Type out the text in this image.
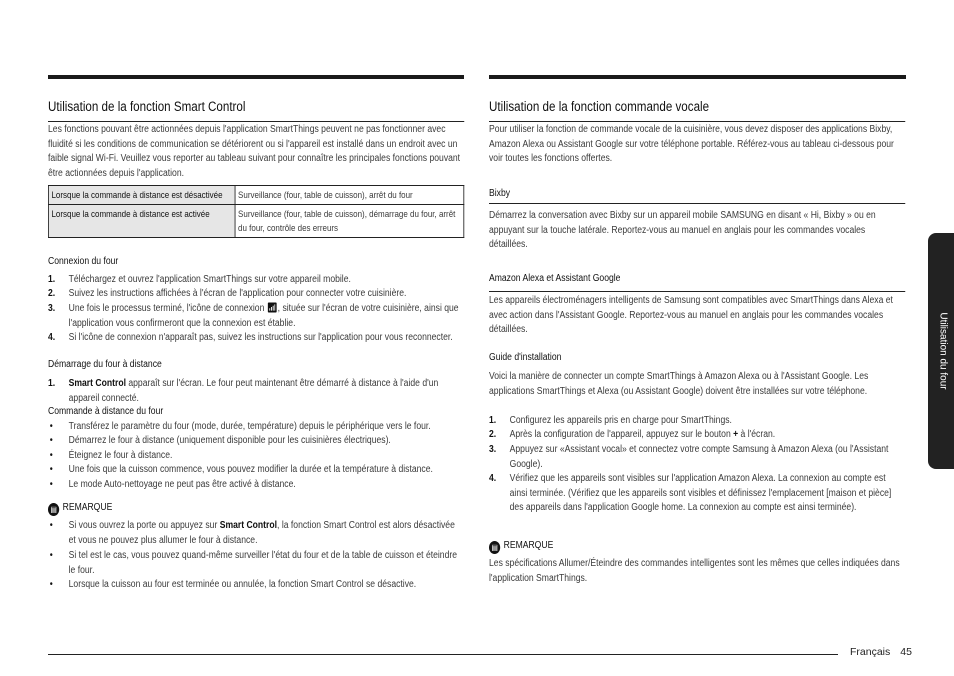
Utilisation de la fonction Smart Control
Les fonctions pouvant être actionnées depuis l'application SmartThings peuvent ne pas fonctionner avec fluidité si les conditions de communication se détériorent ou si l'appareil est installé dans un endroit avec un faible signal Wi-Fi. Veuillez vous reporter au tableau suivant pour connaître les principales fonctions pouvant être actionnées depuis l'application.
Lorsque la commande à distance est désactivée	Surveillance (four, table de cuisson), arrêt du four
Lorsque la commande à distance est activée	Surveillance (four, table de cuisson), démarrage du four, arrêt du four, contrôle des erreurs
Connexion du four
1. Téléchargez et ouvrez l'application SmartThings sur votre appareil mobile.
2. Suivez les instructions affichées à l'écran de l'application pour connecter votre cuisinière.
3. Une fois le processus terminé, l'icône de connexion 📶︎, située sur l'écran de votre cuisinière, ainsi que l'application vous confirmeront que la connexion est établie.
4. Si l'icône de connexion n'apparaît pas, suivez les instructions sur l'application pour vous reconnecter.
Démarrage du four à distance
1. Smart Control apparaît sur l'écran. Le four peut maintenant être démarré à distance à l'aide d'un appareil connecté.
Commande à distance du four
• Transférez le paramètre du four (mode, durée, température) depuis le périphérique vers le four.
• Démarrez le four à distance (uniquement disponible pour les cuisinières électriques).
• Éteignez le four à distance.
• Une fois que la cuisson commence, vous pouvez modifier la durée et la température à distance.
• Le mode Auto-nettoyage ne peut pas être activé à distance.
▤ REMARQUE
• Si vous ouvrez la porte ou appuyez sur Smart Control, la fonction Smart Control est alors désactivée et vous ne pouvez plus allumer le four à distance.
• Si tel est le cas, vous pouvez quand-même surveiller l'état du four et de la table de cuisson et éteindre le four.
• Lorsque la cuisson au four est terminée ou annulée, la fonction Smart Control se désactive.
Utilisation de la fonction commande vocale
Pour utiliser la fonction de commande vocale de la cuisinière, vous devez disposer des applications Bixby, Amazon Alexa ou Assistant Google sur votre téléphone portable. Référez-vous au tableau ci-dessous pour voir toutes les fonctions offertes.
Bixby
Démarrez la conversation avec Bixby sur un appareil mobile SAMSUNG en disant « Hi, Bixby » ou en appuyant sur la touche latérale. Reportez-vous au manuel en anglais pour les commandes vocales détaillées.
Amazon Alexa et Assistant Google
Les appareils électroménagers intelligents de Samsung sont compatibles avec SmartThings dans Alexa et avec action dans l'Assistant Google. Reportez-vous au manuel en anglais pour les commandes vocales détaillées.
Guide d'installation
Voici la manière de connecter un compte SmartThings à Amazon Alexa ou à l'Assistant Google. Les applications SmartThings et Alexa (ou Assistant Google) doivent être installées sur votre téléphone.
1. Configurez les appareils pris en charge pour SmartThings.
2. Après la configuration de l'appareil, appuyez sur le bouton + à l'écran.
3. Appuyez sur «Assistant vocal» et connectez votre compte Samsung à Amazon Alexa (ou l'Assistant Google).
4. Vérifiez que les appareils sont visibles sur l'application Amazon Alexa. La connexion au compte est ainsi terminée. (Vérifiez que les appareils sont visibles et définissez l'emplacement [maison et pièce] des appareils dans l'application Google home. La connexion au compte est ainsi terminée).
▤ REMARQUE
Les spécifications Allumer/Éteindre des commandes intelligentes sont les mêmes que celles indiquées dans l'application SmartThings.
Utilisation du four
Français 45
